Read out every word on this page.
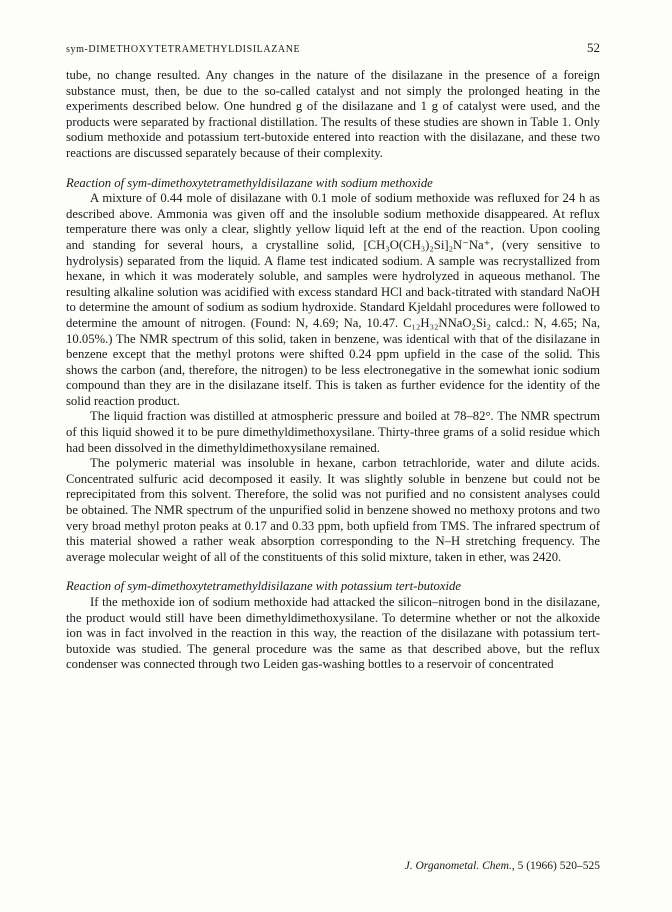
sym-DIMETHOXYTETRAMETHYLDISILAZANE	52

tube, no change resulted. Any changes in the nature of the disilazane in the presence of a foreign substance must, then, be due to the so-called catalyst and not simply the prolonged heating in the experiments described below. One hundred g of the disilazane and 1 g of catalyst were used, and the products were separated by fractional distillation. The results of these studies are shown in Table 1. Only sodium methoxide and potassium tert-butoxide entered into reaction with the disilazane, and these two reactions are discussed separately because of their complexity.

Reaction of sym-dimethoxytetramethyldisilazane with sodium methoxide

A mixture of 0.44 mole of disilazane with 0.1 mole of sodium methoxide was refluxed for 24 h as described above. Ammonia was given off and the insoluble sodium methoxide disappeared. At reflux temperature there was only a clear, slightly yellow liquid left at the end of the reaction. Upon cooling and standing for several hours, a crystalline solid, [CH₃O(CH₃)₂Si]₂N⁻Na⁺, (very sensitive to hydrolysis) separated from the liquid. A flame test indicated sodium. A sample was recrystallized from hexane, in which it was moderately soluble, and samples were hydrolyzed in aqueous methanol. The resulting alkaline solution was acidified with excess standard HCl and back-titrated with standard NaOH to determine the amount of sodium as sodium hydroxide. Standard Kjeldahl procedures were followed to determine the amount of nitrogen. (Found: N, 4.69; Na, 10.47. C₁₂H₃₂NNaO₂Si₂ calcd.: N, 4.65; Na, 10.05%.) The NMR spectrum of this solid, taken in benzene, was identical with that of the disilazane in benzene except that the methyl protons were shifted 0.24 ppm upfield in the case of the solid. This shows the carbon (and, therefore, the nitrogen) to be less electronegative in the somewhat ionic sodium compound than they are in the disilazane itself. This is taken as further evidence for the identity of the solid reaction product.

The liquid fraction was distilled at atmospheric pressure and boiled at 78–82°. The NMR spectrum of this liquid showed it to be pure dimethyldimethoxysilane. Thirty-three grams of a solid residue which had been dissolved in the dimethyldimethoxysilane remained.

The polymeric material was insoluble in hexane, carbon tetrachloride, water and dilute acids. Concentrated sulfuric acid decomposed it easily. It was slightly soluble in benzene but could not be reprecipitated from this solvent. Therefore, the solid was not purified and no consistent analyses could be obtained. The NMR spectrum of the unpurified solid in benzene showed no methoxy protons and two very broad methyl proton peaks at 0.17 and 0.33 ppm, both upfield from TMS. The infrared spectrum of this material showed a rather weak absorption corresponding to the N–H stretching frequency. The average molecular weight of all of the constituents of this solid mixture, taken in ether, was 2420.

Reaction of sym-dimethoxytetramethyldisilazane with potassium tert-butoxide

If the methoxide ion of sodium methoxide had attacked the silicon–nitrogen bond in the disilazane, the product would still have been dimethyldimethoxysilane. To determine whether or not the alkoxide ion was in fact involved in the reaction in this way, the reaction of the disilazane with potassium tert-butoxide was studied. The general procedure was the same as that described above, but the reflux condenser was connected through two Leiden gas-washing bottles to a reservoir of concentrated

J. Organometal. Chem., 5 (1966) 520–525
